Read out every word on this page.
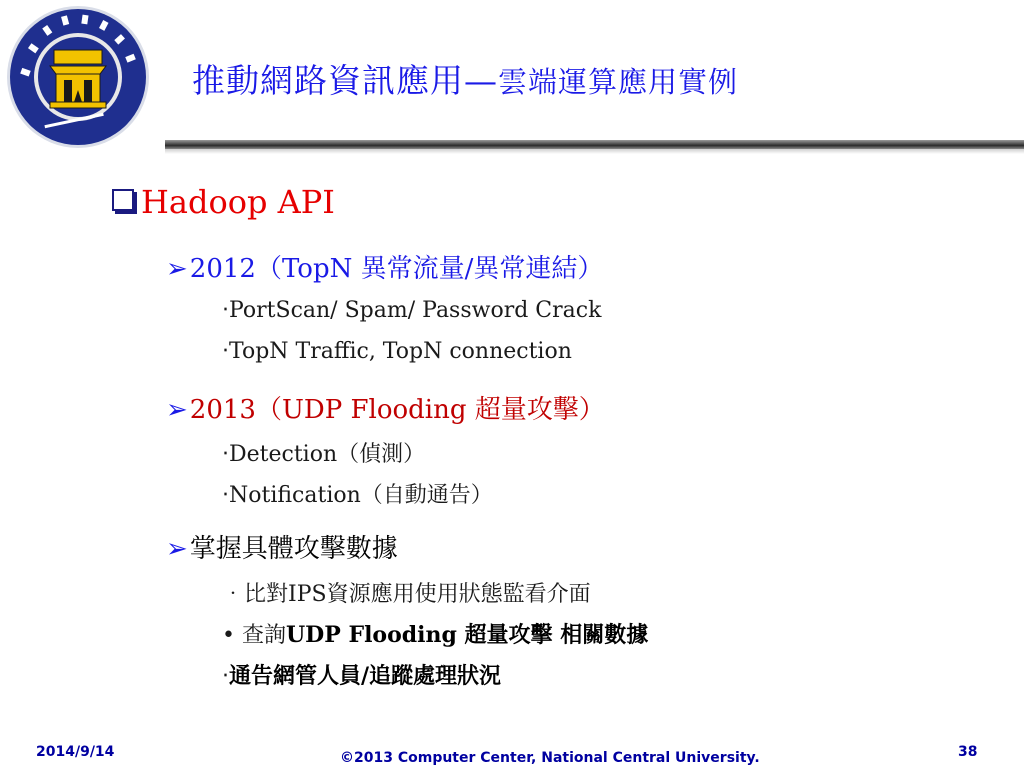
推動網路資訊應用—雲端運算應用實例
Hadoop API
➢2012（TopN 異常流量/異常連結）
‧PortScan/ Spam/ Password Crack
‧TopN Traffic, TopN connection
➢2013（UDP Flooding 超量攻擊）
‧Detection（偵測）
‧Notification（自動通告）
➢掌握具體攻擊數據
‧比對IPS資源應用使用狀態監看介面
• 查詢UDP Flooding 超量攻擊 相關數據
‧通告網管人員/追蹤處理狀況
2014/9/14	©2013 Computer Center, National Central University.	38
